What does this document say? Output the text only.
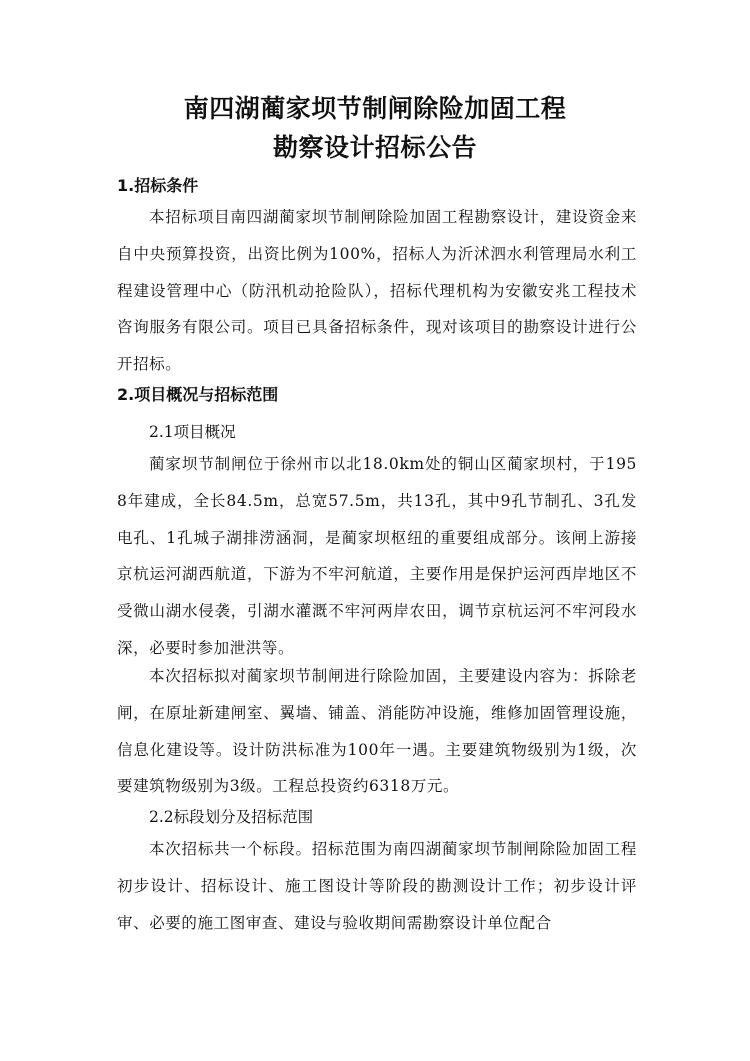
南四湖蔺家坝节制闸除险加固工程
勘察设计招标公告
1.招标条件

本招标项目南四湖蔺家坝节制闸除险加固工程勘察设计，建设资金来自中央预算投资，出资比例为100%，招标人为沂沭泗水利管理局水利工程建设管理中心（防汛机动抢险队），招标代理机构为安徽安兆工程技术咨询服务有限公司。项目已具备招标条件，现对该项目的勘察设计进行公开招标。

2.项目概况与招标范围
2.1项目概况

蔺家坝节制闸位于徐州市以北18.0km处的铜山区蔺家坝村，于1958年建成，全长84.5m，总宽57.5m，共13孔，其中9孔节制孔、3孔发电孔、1孔城子湖排涝涵洞，是蔺家坝枢纽的重要组成部分。该闸上游接京杭运河湖西航道，下游为不牢河航道，主要作用是保护运河西岸地区不受微山湖水侵袭，引湖水灌溉不牢河两岸农田，调节京杭运河不牢河段水深，必要时参加泄洪等。

本次招标拟对蔺家坝节制闸进行除险加固，主要建设内容为：拆除老闸，在原址新建闸室、翼墙、铺盖、消能防冲设施，维修加固管理设施，信息化建设等。设计防洪标准为100年一遇。主要建筑物级别为1级，次要建筑物级别为3级。工程总投资约6318万元。

2.2标段划分及招标范围

本次招标共一个标段。招标范围为南四湖蔺家坝节制闸除险加固工程初步设计、招标设计、施工图设计等阶段的勘测设计工作；初步设计评审、必要的施工图审查、建设与验收期间需勘察设计单位配合
